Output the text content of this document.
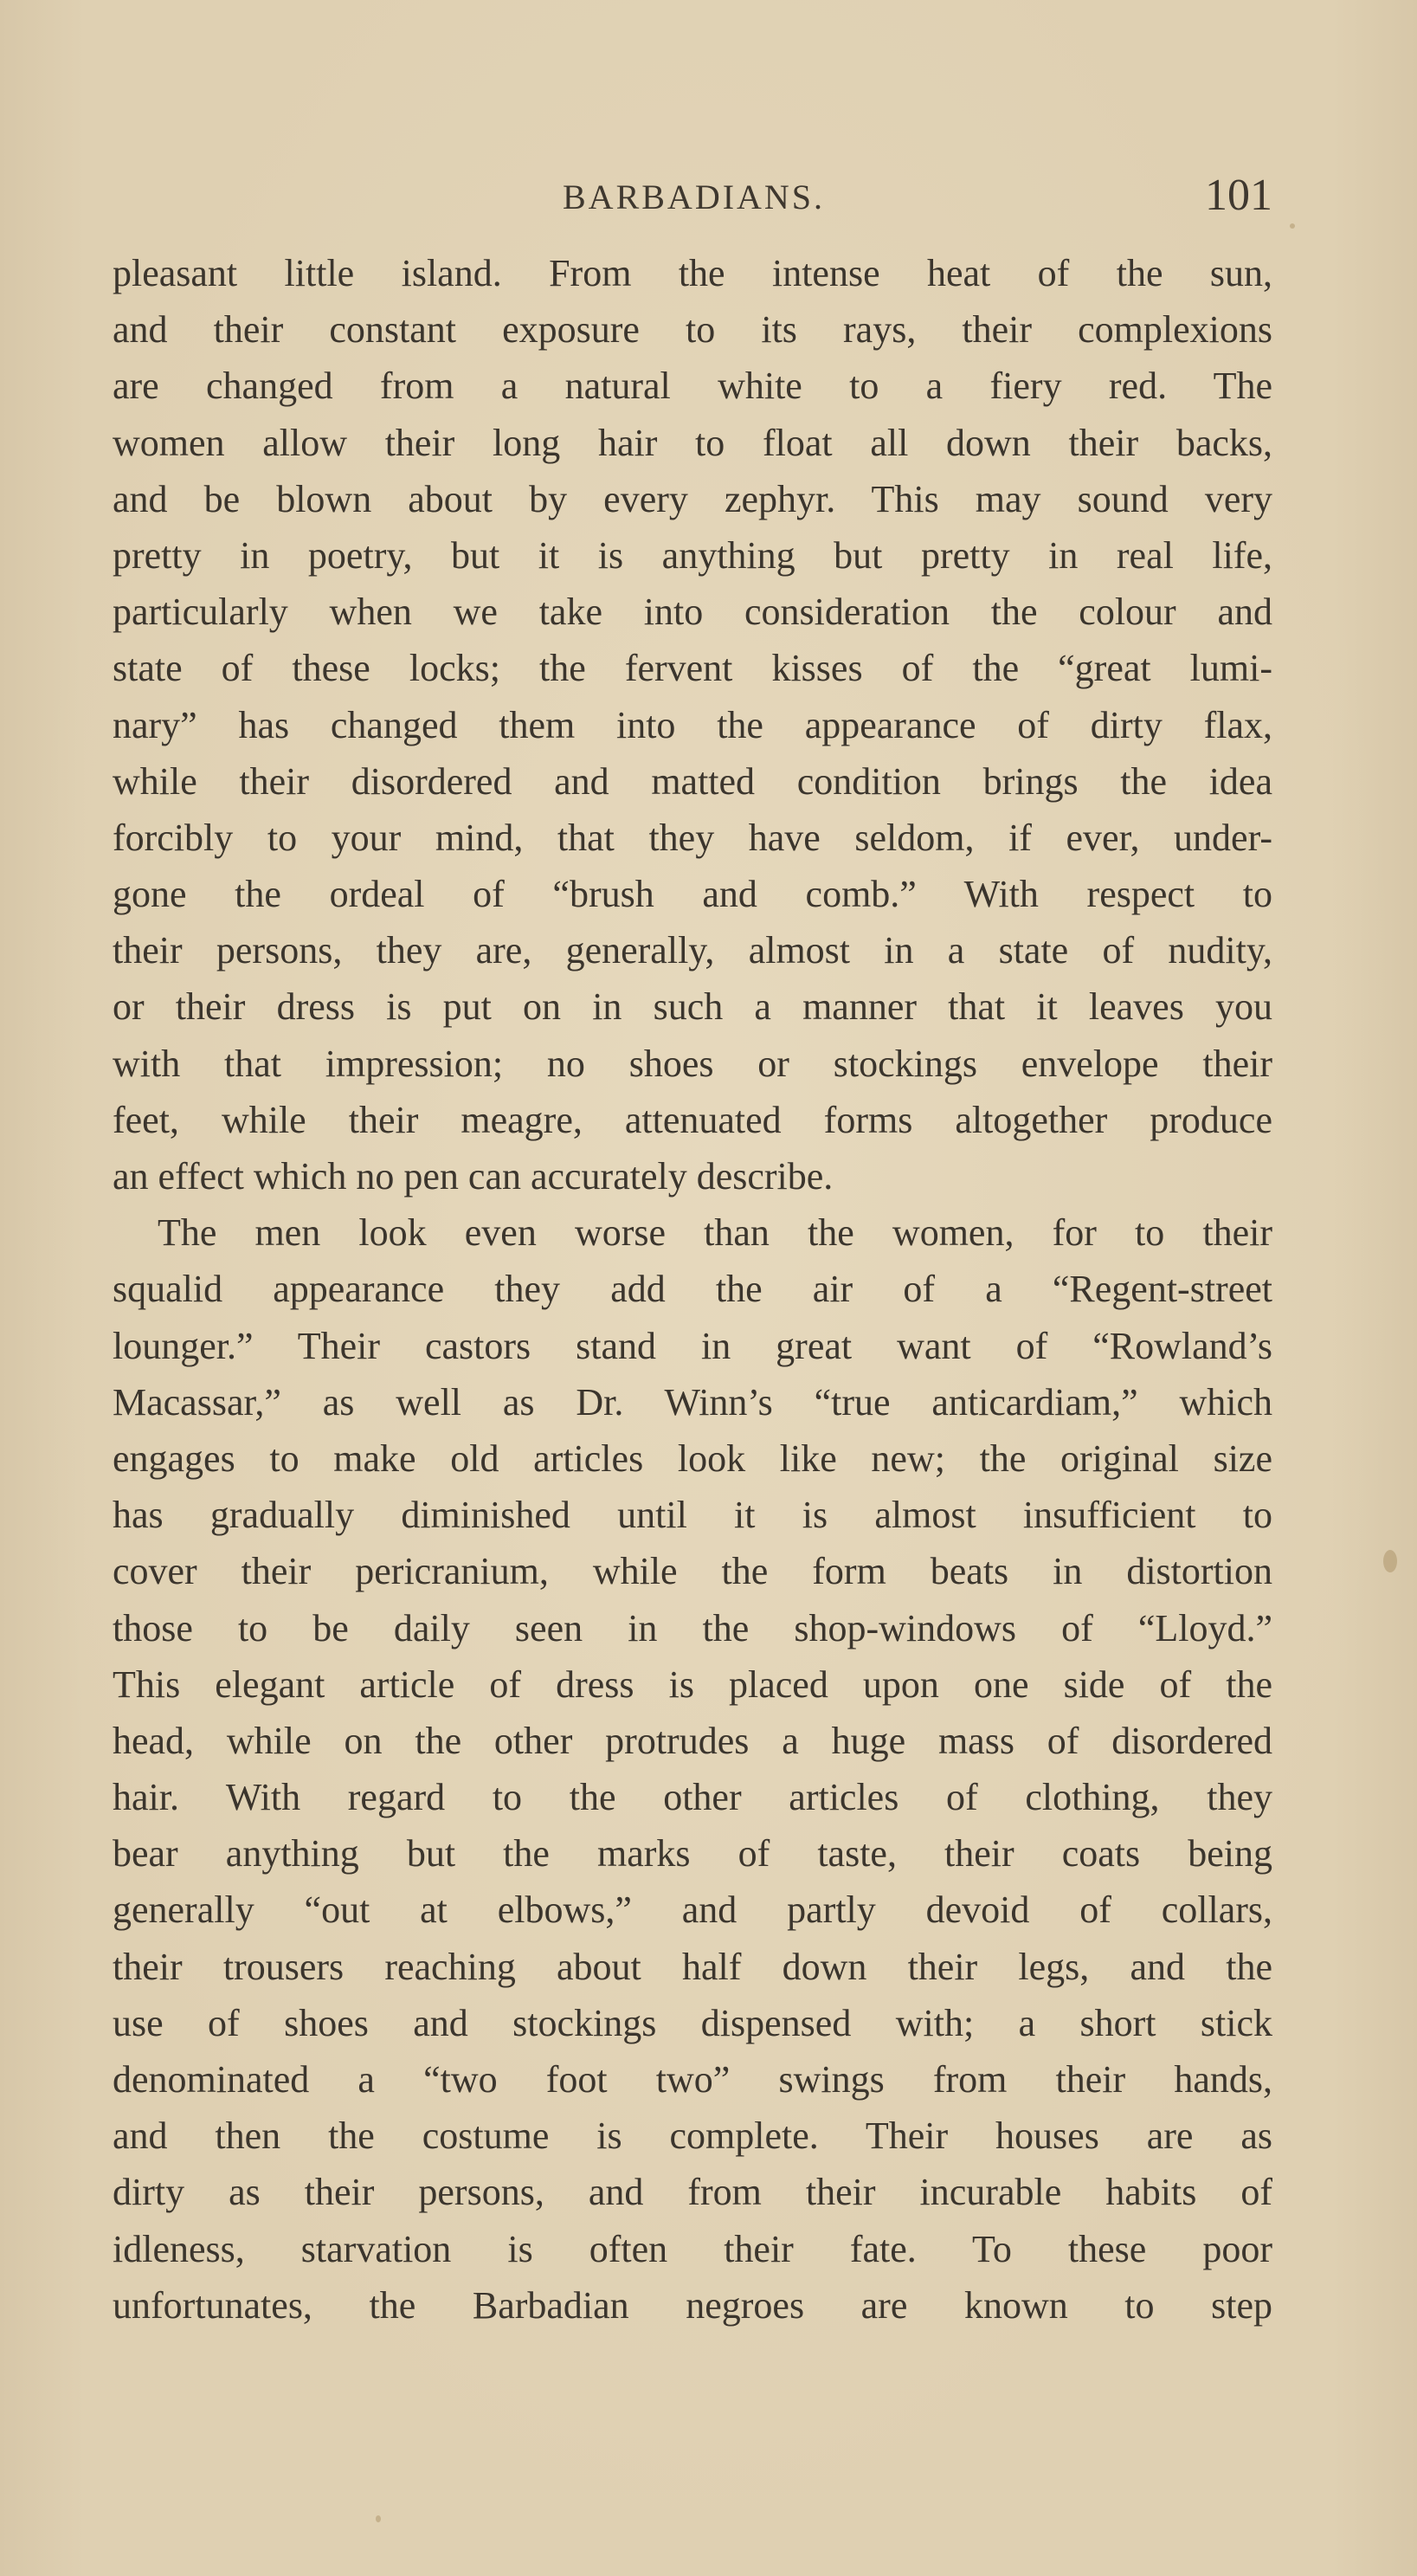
BARBADIANS.	101
pleasant little island. From the intense heat of the sun,
and their constant exposure to its rays, their complexions
are changed from a natural white to a fiery red. The
women allow their long hair to float all down their backs,
and be blown about by every zephyr. This may sound very
pretty in poetry, but it is anything but pretty in real life,
particularly when we take into consideration the colour and
state of these locks; the fervent kisses of the “great lumi-
nary” has changed them into the appearance of dirty flax,
while their disordered and matted condition brings the idea
forcibly to your mind, that they have seldom, if ever, under-
gone the ordeal of “brush and comb.” With respect to
their persons, they are, generally, almost in a state of nudity,
or their dress is put on in such a manner that it leaves you
with that impression; no shoes or stockings envelope their
feet, while their meagre, attenuated forms altogether produce
an effect which no pen can accurately describe.
The men look even worse than the women, for to their
squalid appearance they add the air of a “Regent-street
lounger.” Their castors stand in great want of “Rowland’s
Macassar,” as well as Dr. Winn’s “true anticardiam,” which
engages to make old articles look like new; the original size
has gradually diminished until it is almost insufficient to
cover their pericranium, while the form beats in distortion
those to be daily seen in the shop-windows of “Lloyd.”
This elegant article of dress is placed upon one side of the
head, while on the other protrudes a huge mass of disordered
hair. With regard to the other articles of clothing, they
bear anything but the marks of taste, their coats being
generally “out at elbows,” and partly devoid of collars,
their trousers reaching about half down their legs, and the
use of shoes and stockings dispensed with; a short stick
denominated a “two foot two” swings from their hands,
and then the costume is complete. Their houses are as
dirty as their persons, and from their incurable habits of
idleness, starvation is often their fate. To these poor
unfortunates, the Barbadian negroes are known to step
